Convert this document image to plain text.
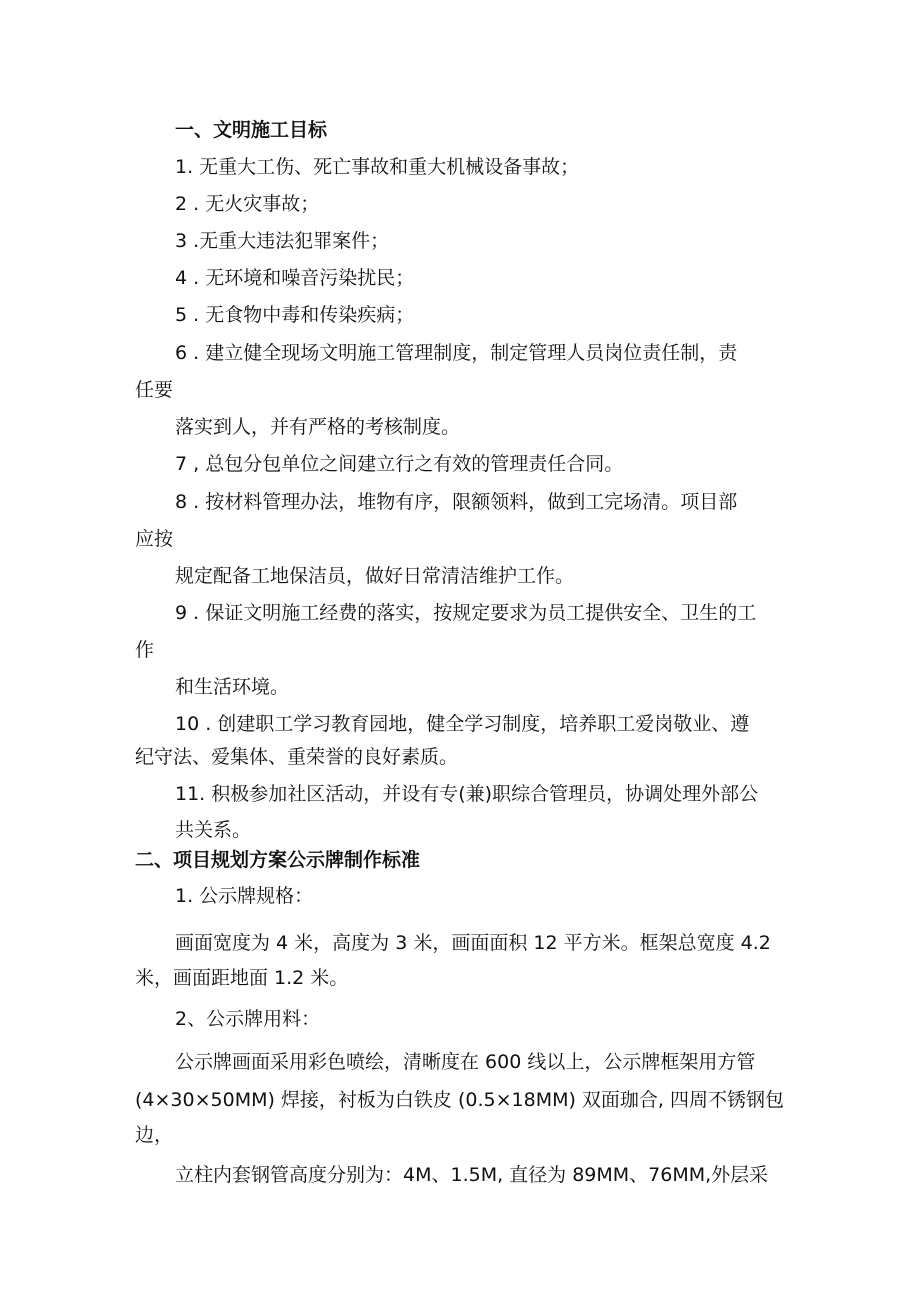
一、文明施工目标
1. 无重大工伤、死亡事故和重大机械设备事故；
2 . 无火灾事故；
3 .无重大违法犯罪案件；
4 . 无环境和噪音污染扰民；
5 . 无食物中毒和传染疾病；
6 . 建立健全现场文明施工管理制度，制定管理人员岗位责任制，责
任要
落实到人，并有严格的考核制度。
7 , 总包分包单位之间建立行之有效的管理责任合同。
8 . 按材料管理办法，堆物有序，限额领料，做到工完场清。项目部
应按
规定配备工地保洁员，做好日常清洁维护工作。
9 . 保证文明施工经费的落实，按规定要求为员工提供安全、卫生的工
作
和生活环境。
10 . 创建职工学习教育园地，健全学习制度，培养职工爱岗敬业、遵
纪守法、爱集体、重荣誉的良好素质。
11. 积极参加社区活动，并设有专(兼)职综合管理员，协调处理外部公
共关系。
二、项目规划方案公示牌制作标准
1. 公示牌规格：
画面宽度为 4 米，高度为 3 米，画面面积 12 平方米。框架总宽度 4.2
米，画面距地面 1.2 米。
2、公示牌用料：
公示牌画面采用彩色喷绘，清晰度在 600 线以上，公示牌框架用方管
(4×30×50MM) 焊接，衬板为白铁皮 (0.5×18MM) 双面珈合, 四周不锈钢包
边，
立柱内套钢管高度分别为：4M、1.5M, 直径为 89MM、76MM,外层采
